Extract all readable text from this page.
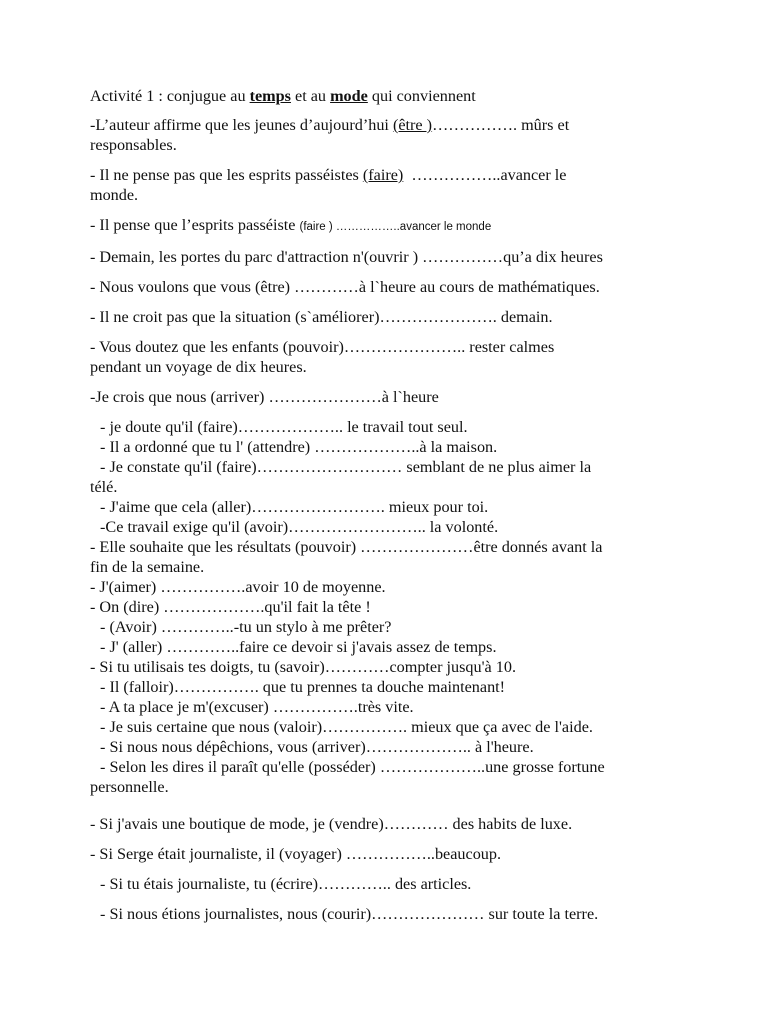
Activité 1 : conjugue au temps et au mode qui conviennent
-L’auteur affirme que les jeunes d’aujourd’hui (être )……………. mûrs et
responsables.
- Il ne pense pas que les esprits passéistes (faire)  ……………..avancer le
monde.
- Il pense que l’esprits passéiste (faire ) ……………..avancer le monde
- Demain, les portes du parc d'attraction n'(ouvrir ) ……………qu’a dix heures
- Nous voulons que vous (être) …………à l`heure au cours de mathématiques.
- Il ne croit pas que la situation (s`améliorer)…………………. demain.
- Vous doutez que les enfants (pouvoir)………………….. rester calmes
pendant un voyage de dix heures.
-Je crois que nous (arriver) …………………à l`heure
- je doute qu'il (faire)……………….. le travail tout seul.
- Il a ordonné que tu l' (attendre) ………………..à la maison.
- Je constate qu'il (faire)……………………… semblant de ne plus aimer la
télé.
- J'aime que cela (aller)……………………. mieux pour toi.
-Ce travail exige qu'il (avoir)…………………….. la volonté.
- Elle souhaite que les résultats (pouvoir) …………………être donnés avant la
fin de la semaine.
- J'(aimer) …………….avoir 10 de moyenne.
- On (dire) ……………….qu'il fait la tête !
- (Avoir) …………..-tu un stylo à me prêter?
- J' (aller) …………..faire ce devoir si j'avais assez de temps.
- Si tu utilisais tes doigts, tu (savoir)…………compter jusqu'à 10.
- Il (falloir)……………. que tu prennes ta douche maintenant!
- A ta place je m'(excuser) …………….très vite.
- Je suis certaine que nous (valoir)……………. mieux que ça avec de l'aide.
- Si nous nous dépêchions, vous (arriver)……………….. à l'heure.
- Selon les dires il paraît qu'elle (posséder) ………………..une grosse fortune
personnelle.
- Si j'avais une boutique de mode, je (vendre)………… des habits de luxe.
- Si Serge était journaliste, il (voyager) ……………..beaucoup.
- Si tu étais journaliste, tu (écrire)………….. des articles.
- Si nous étions journalistes, nous (courir)………………… sur toute la terre.
